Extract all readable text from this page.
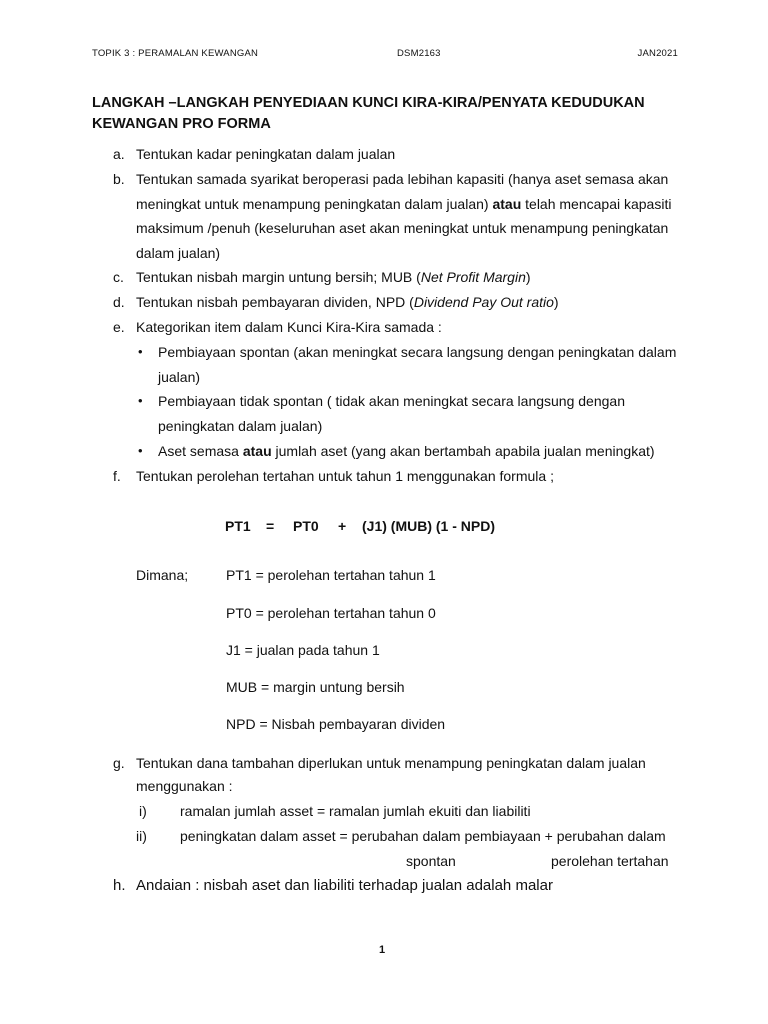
TOPIK 3 : PERAMALAN KEWANGAN	DSM2163	JAN2021
LANGKAH –LANGKAH PENYEDIAAN KUNCI KIRA-KIRA/PENYATA KEDUDUKAN
KEWANGAN PRO FORMA
a. Tentukan kadar peningkatan dalam jualan
b. Tentukan samada syarikat beroperasi pada lebihan kapasiti (hanya aset semasa akan
meningkat untuk menampung peningkatan dalam jualan) atau telah mencapai kapasiti
maksimum /penuh (keseluruhan aset akan meningkat untuk menampung peningkatan
dalam jualan)
c. Tentukan nisbah margin untung bersih; MUB (Net Profit Margin)
d. Tentukan nisbah pembayaran dividen, NPD (Dividend Pay Out ratio)
e. Kategorikan item dalam Kunci Kira-Kira samada :
• Pembiayaan spontan (akan meningkat secara langsung dengan peningkatan dalam
jualan)
• Pembiayaan tidak spontan ( tidak akan meningkat secara langsung dengan
peningkatan dalam jualan)
• Aset semasa atau jumlah aset (yang akan bertambah apabila jualan meningkat)
f. Tentukan perolehan tertahan untuk tahun 1 menggunakan formula ;
PT1 = PT0 + (J1) (MUB) (1 - NPD)
Dimana;	PT1 = perolehan tertahan tahun 1
PT0 = perolehan tertahan tahun 0
J1 = jualan pada tahun 1
MUB = margin untung bersih
NPD = Nisbah pembayaran dividen
g. Tentukan dana tambahan diperlukan untuk menampung peningkatan dalam jualan
menggunakan :
i) ramalan jumlah asset = ramalan jumlah ekuiti dan liabiliti
ii) peningkatan dalam asset = perubahan dalam pembiayaan + perubahan dalam
spontan	perolehan tertahan
h. Andaian : nisbah aset dan liabiliti terhadap jualan adalah malar
1
